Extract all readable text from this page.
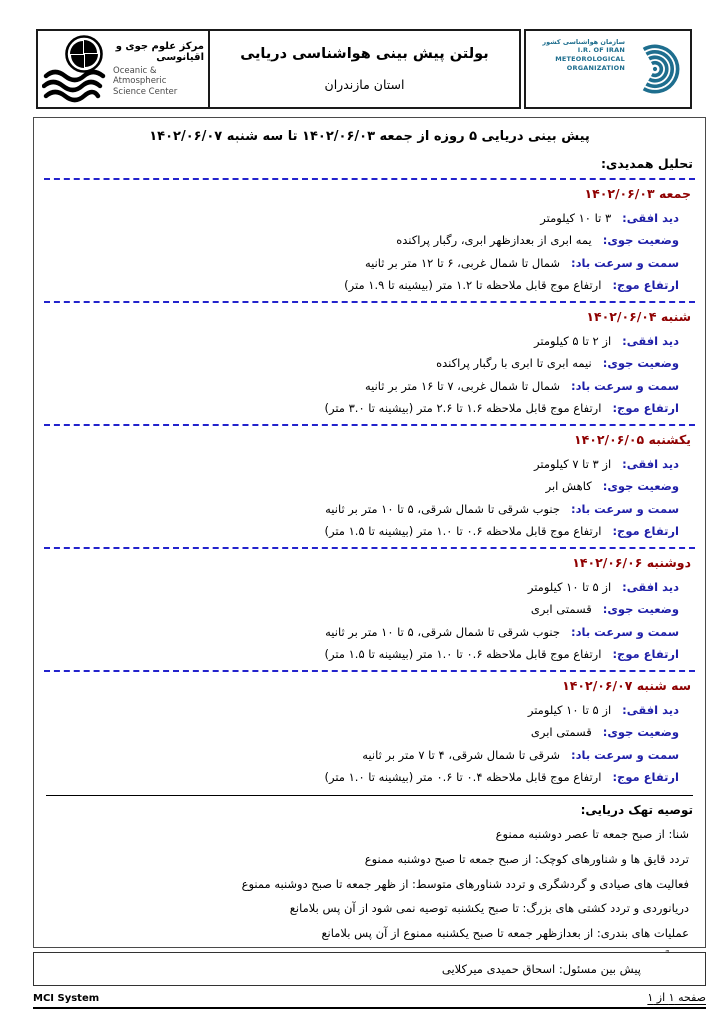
مرکز علوم جوی و اقیانوسی
Oceanic & Atmospheric
Science Center
بولتن پیش بینی هواشناسی دریایی
استان مازندران
سازمان هواشناسی کشور
I.R. OF IRAN
METEOROLOGICAL
ORGANIZATION
پیش بینی دریایی ۵ روزه از جمعه ۱۴۰۲/۰۶/۰۳ تا سه شنبه ۱۴۰۲/۰۶/۰۷
تحلیل همدیدی:
جمعه ۱۴۰۲/۰۶/۰۳
دید افقی:
۳ تا ۱۰ کیلومتر
وضعیت جوی:
یمه ابری از بعدازظهر ابری، رگبار پراکنده
سمت و سرعت باد:
شمال تا شمال غربی، ۶ تا ۱۲ متر بر ثانیه
ارتفاع موج:
ارتفاع موج قابل ملاحظه تا ۱.۲ متر (بیشینه تا ۱.۹ متر)
شنبه ۱۴۰۲/۰۶/۰۴
دید افقی:
از ۲ تا ۵ کیلومتر
وضعیت جوی:
نیمه ابری تا ابری با رگبار پراکنده
سمت و سرعت باد:
شمال تا شمال غربی، ۷ تا ۱۶ متر بر ثانیه
ارتفاع موج:
ارتفاع موج قابل ملاحظه ۱.۶ تا ۲.۶ متر (بیشینه تا ۳.۰ متر)
یکشنبه ۱۴۰۲/۰۶/۰۵
دید افقی:
از ۳ تا ۷ کیلومتر
وضعیت جوی:
کاهش ابر
سمت و سرعت باد:
جنوب شرقی تا شمال شرقی، ۵ تا ۱۰ متر بر ثانیه
ارتفاع موج:
ارتفاع موج قابل ملاحظه ۰.۶ تا ۱.۰ متر (بیشینه تا ۱.۵ متر)
دوشنبه ۱۴۰۲/۰۶/۰۶
دید افقی:
از ۵ تا ۱۰ کیلومتر
وضعیت جوی:
قسمتی ابری
سمت و سرعت باد:
جنوب شرقی تا شمال شرقی، ۵ تا ۱۰ متر بر ثانیه
ارتفاع موج:
ارتفاع موج قابل ملاحظه ۰.۶ تا ۱.۰ متر (بیشینه تا ۱.۵ متر)
سه شنبه ۱۴۰۲/۰۶/۰۷
دید افقی:
از ۵ تا ۱۰ کیلومتر
وضعیت جوی:
قسمتی ابری
سمت و سرعت باد:
شرقی تا شمال شرقی، ۴ تا ۷ متر بر ثانیه
ارتفاع موج:
ارتفاع موج قابل ملاحظه ۰.۴ تا ۰.۶ متر (بیشینه تا ۱.۰ متر)
توصیه تهک دریایی:
شنا: از صبح جمعه تا عصر دوشنبه ممنوع
تردد قایق ها و شناورهای کوچک: از صبح جمعه تا صبح دوشنبه ممنوع
فعالیت های صیادی و گردشگری و تردد شناورهای متوسط: از ظهر جمعه تا صبح دوشنبه ممنوع
دریانوردی و تردد کشتی های بزرگ: تا صبح یکشنبه توصیه نمی شود از آن پس بلامانع
عملیات های بندری: از بعدازظهر جمعه تا صبح یکشنبه ممنوع از آن پس بلامانع
پیش بین مسئول: اسحاق حمیدی میرکلایی
MCI System	صفحه ۱ از ۱
